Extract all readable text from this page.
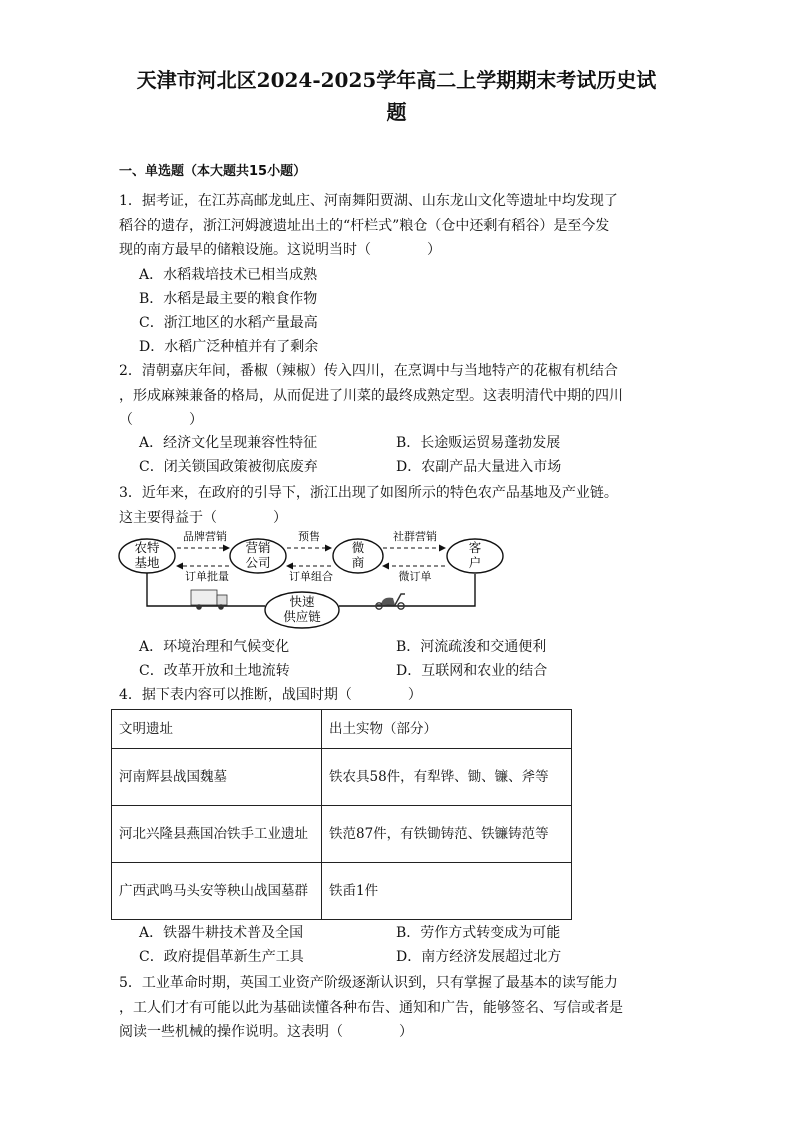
天津市河北区2024-2025学年高二上学期期末考试历史试
题
一、单选题（本大题共15小题）
1．据考证，在江苏高邮龙虬庄、河南舞阳贾湖、山东龙山文化等遗址中均发现了
稻谷的遗存，浙江河姆渡遗址出土的“杆栏式”粮仓（仓中还剩有稻谷）是至今发
现的南方最早的储粮设施。这说明当时（　　　　）
A．水稻栽培技术已相当成熟
B．水稻是最主要的粮食作物
C．浙江地区的水稻产量最高
D．水稻广泛种植并有了剩余
2．清朝嘉庆年间，番椒（辣椒）传入四川，在烹调中与当地特产的花椒有机结合
，形成麻辣兼备的格局，从而促进了川菜的最终成熟定型。这表明清代中期的四川
（　　　　）
A．经济文化呈现兼容性特征	B．长途贩运贸易蓬勃发展
C．闭关锁国政策被彻底废弃	D．农副产品大量进入市场
3．近年来，在政府的引导下，浙江出现了如图所示的特色农产品基地及产业链。
这主要得益于（　　　　）
品牌营销	预售	社群营销
订单批量	订单组合	微订单
农特
基地
营销
公司
微
商
客
户
快速
供应链
A．环境治理和气候变化	B．河流疏浚和交通便利
C．改革开放和土地流转	D．互联网和农业的结合
4．据下表内容可以推断，战国时期（　　　　）
文明遗址	出土实物（部分）
河南辉县战国魏墓	铁农具58件，有犁铧、锄、镰、斧等
河北兴隆县燕国冶铁手工业遗址	铁范87件，有铁锄铸范、铁镰铸范等
广西武鸣马头安等秧山战国墓群	铁臿1件
A．铁器牛耕技术普及全国	B．劳作方式转变成为可能
C．政府提倡革新生产工具	D．南方经济发展超过北方
5．工业革命时期，英国工业资产阶级逐渐认识到，只有掌握了最基本的读写能力
，工人们才有可能以此为基础读懂各种布告、通知和广告，能够签名、写信或者是
阅读一些机械的操作说明。这表明（　　　　）
